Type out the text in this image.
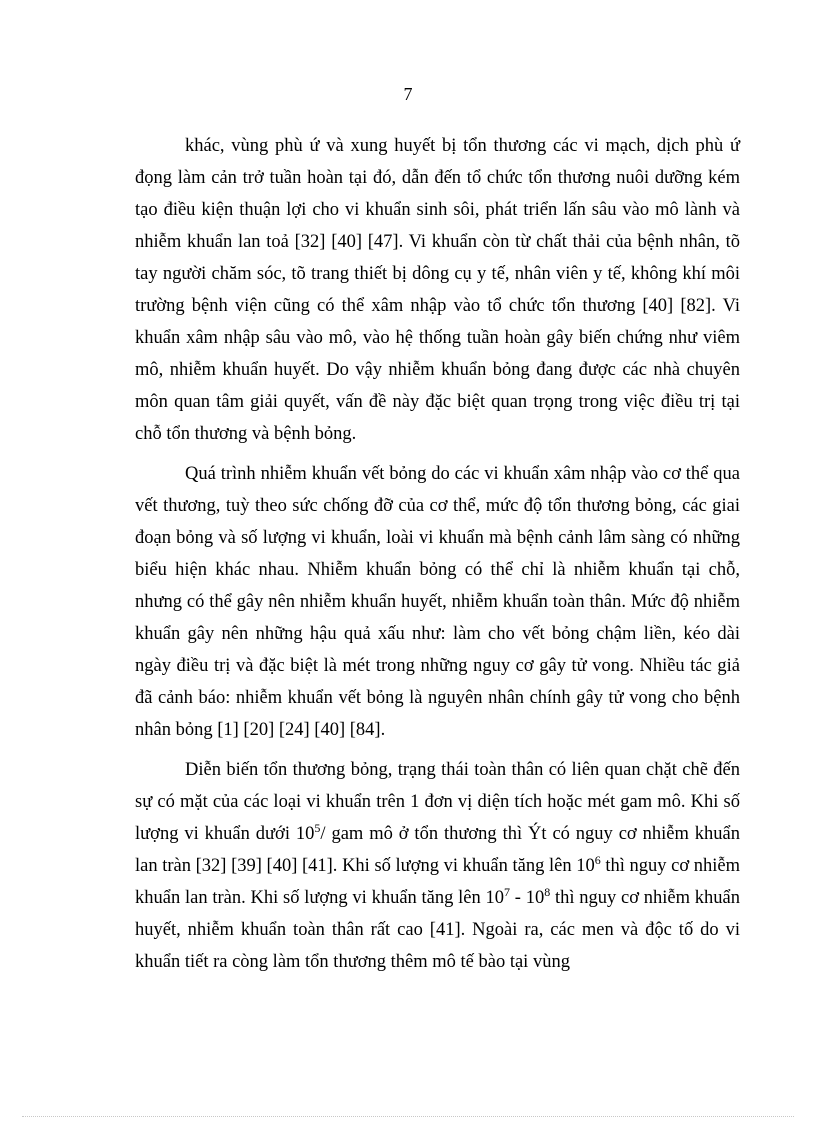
7

khác, vùng phù ứ và xung huyết bị tổn thương các vi mạch, dịch phù ứ đọng làm cản trở tuần hoàn tại đó, dẫn đến tổ chức tổn thương nuôi dưỡng kém tạo điều kiện thuận lợi cho vi khuẩn sinh sôi, phát triển lấn sâu vào mô lành và nhiễm khuẩn lan toả [32] [40] [47]. Vi khuẩn còn từ chất thải của bệnh nhân, tõ tay người chăm sóc, tõ trang thiết bị dông cụ y tế, nhân viên y tế, không khí môi trường bệnh viện cũng có thể xâm nhập vào tổ chức tổn thương [40] [82]. Vi khuẩn xâm nhập sâu vào mô, vào hệ thống tuần hoàn gây biến chứng như viêm mô, nhiễm khuẩn huyết. Do vậy nhiễm khuẩn bỏng đang được các nhà chuyên môn quan tâm giải quyết, vấn đề này đặc biệt quan trọng trong việc điều trị tại chỗ tổn thương và bệnh bỏng.

Quá trình nhiễm khuẩn vết bỏng do các vi khuẩn xâm nhập vào cơ thể qua vết thương, tuỳ theo sức chống đỡ của cơ thể, mức độ tổn thương bỏng, các giai đoạn bỏng và số lượng vi khuẩn, loài vi khuẩn mà bệnh cảnh lâm sàng có những biểu hiện khác nhau. Nhiễm khuẩn bỏng có thể chỉ là nhiễm khuẩn tại chỗ, nhưng có thể gây nên nhiễm khuẩn huyết, nhiễm khuẩn toàn thân. Mức độ nhiễm khuẩn gây nên những hậu quả xấu như: làm cho vết bỏng chậm liền, kéo dài ngày điều trị và đặc biệt là mét trong những nguy cơ gây tử vong. Nhiều tác giả đã cảnh báo: nhiễm khuẩn vết bỏng là nguyên nhân chính gây tử vong cho bệnh nhân bỏng [1] [20] [24] [40] [84].

Diễn biến tổn thương bỏng, trạng thái toàn thân có liên quan chặt chẽ đến sự có mặt của các loại vi khuẩn trên 1 đơn vị diện tích hoặc mét gam mô. Khi số lượng vi khuẩn dưới $10^5/$ gam mô ở tổn thương thì Ýt có nguy cơ nhiễm khuẩn lan tràn [32] [39] [40] [41]. Khi số lượng vi khuẩn tăng lên $10^6$ thì nguy cơ nhiễm khuẩn lan tràn. Khi số lượng vi khuẩn tăng lên $10^7 - 10^8$ thì nguy cơ nhiễm khuẩn huyết, nhiễm khuẩn toàn thân rất cao [41]. Ngoài ra, các men và độc tố do vi khuẩn tiết ra còng làm tổn thương thêm mô tế bào tại vùng
